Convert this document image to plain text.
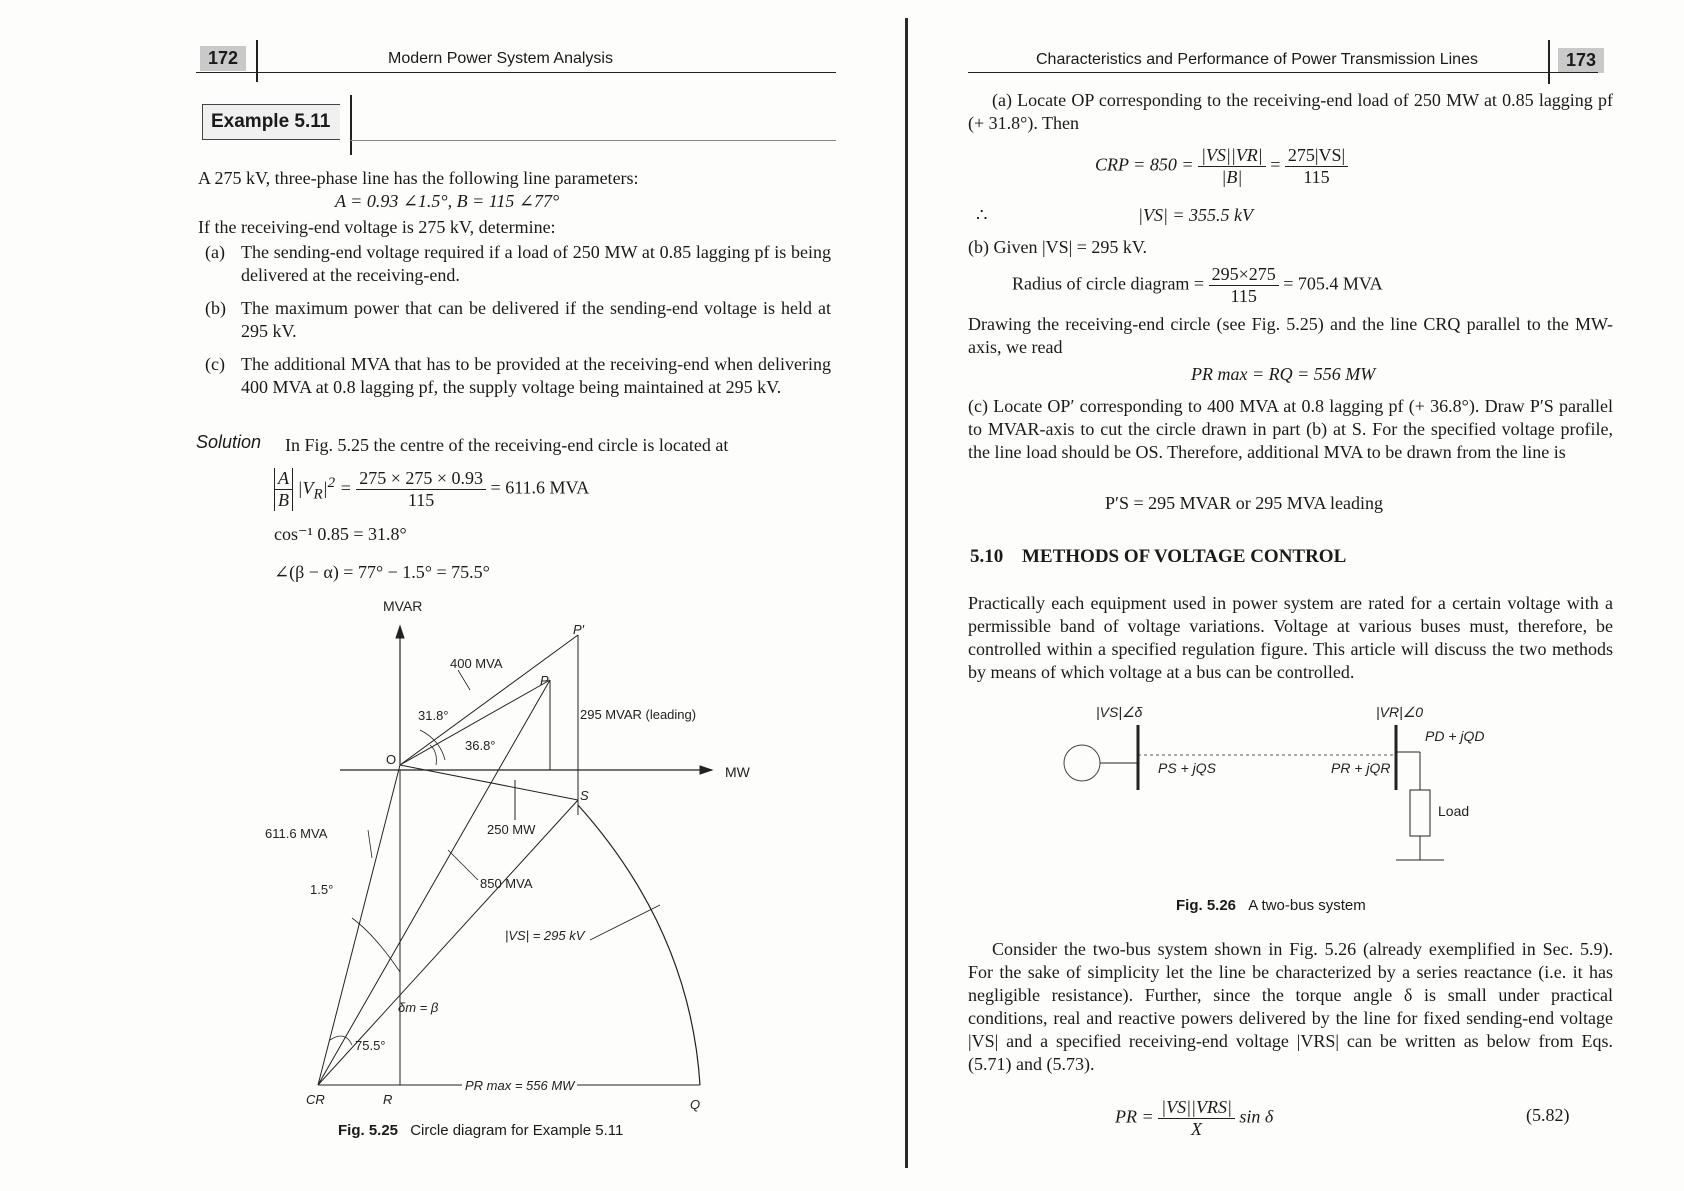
172	Modern Power System Analysis
Example 5.11
A 275 kV, three-phase line has the following line parameters:
A = 0.93 ∠1.5°, B = 115 ∠77°
If the receiving-end voltage is 275 kV, determine:
(a) The sending-end voltage required if a load of 250 MW at 0.85 lagging pf is being delivered at the receiving-end.
(b) The maximum power that can be delivered if the sending-end voltage is held at 295 kV.
(c) The additional MVA that has to be provided at the receiving-end when delivering 400 MVA at 0.8 lagging pf, the supply voltage being maintained at 295 kV.
Solution In Fig. 5.25 the centre of the receiving-end circle is located at
$\frac{A}{B} |V_R|^2 = \frac{275 \times 275 \times 0.93}{115} = 611.6$ MVA
cos⁻¹ 0.85 = 31.8°
∠(β − α) = 77° − 1.5° = 75.5°
MVAR
MW
P′
P
O
S
CR	R	Q
400 MVA
31.8°
36.8°
295 MVAR (leading)
250 MW
611.6 MVA
1.5°	850 MVA
|VS| = 295 kV
δm = β
75.5°
PR max = 556 MW
Fig. 5.25 Circle diagram for Example 5.11
Characteristics and Performance of Power Transmission Lines	173
(a) Locate OP corresponding to the receiving-end load of 250 MW at 0.85 lagging pf (+ 31.8°). Then
CRP = $850 = \frac{|VS||VR|}{|B|} = \frac{275|VS|}{115}$
∴	|VS| = 355.5 kV
(b) Given |VS| = 295 kV.
Radius of circle diagram = $\frac{295\times 275}{115} = 705.4$ MVA
Drawing the receiving-end circle (see Fig. 5.25) and the line CRQ parallel to the MW-axis, we read
PR max = RQ = 556 MW
(c) Locate OP′ corresponding to 400 MVA at 0.8 lagging pf (+ 36.8°). Draw P′S parallel to MVAR-axis to cut the circle drawn in part (b) at S. For the specified voltage profile, the line load should be OS. Therefore, additional MVA to be drawn from the line is
P′S = 295 MVAR or 295 MVA leading
5.10 METHODS OF VOLTAGE CONTROL
Practically each equipment used in power system are rated for a certain voltage with a permissible band of voltage variations. Voltage at various buses must, therefore, be controlled within a specified regulation figure. This article will discuss the two methods by means of which voltage at a bus can be controlled.
|VS|∠δ	|VR|∠0
PD + jQD
PS + jQS	PR + jQR
Load
Fig. 5.26 A two-bus system
Consider the two-bus system shown in Fig. 5.26 (already exemplified in Sec. 5.9). For the sake of simplicity let the line be characterized by a series reactance (i.e. it has negligible resistance). Further, since the torque angle δ is small under practical conditions, real and reactive powers delivered by the line for fixed sending-end voltage |VS| and a specified receiving-end voltage |VRS| can be written as below from Eqs. (5.71) and (5.73).
PR = $\frac{\text{|VS||VRS|}}{X}$ sin δ	(5.82)
